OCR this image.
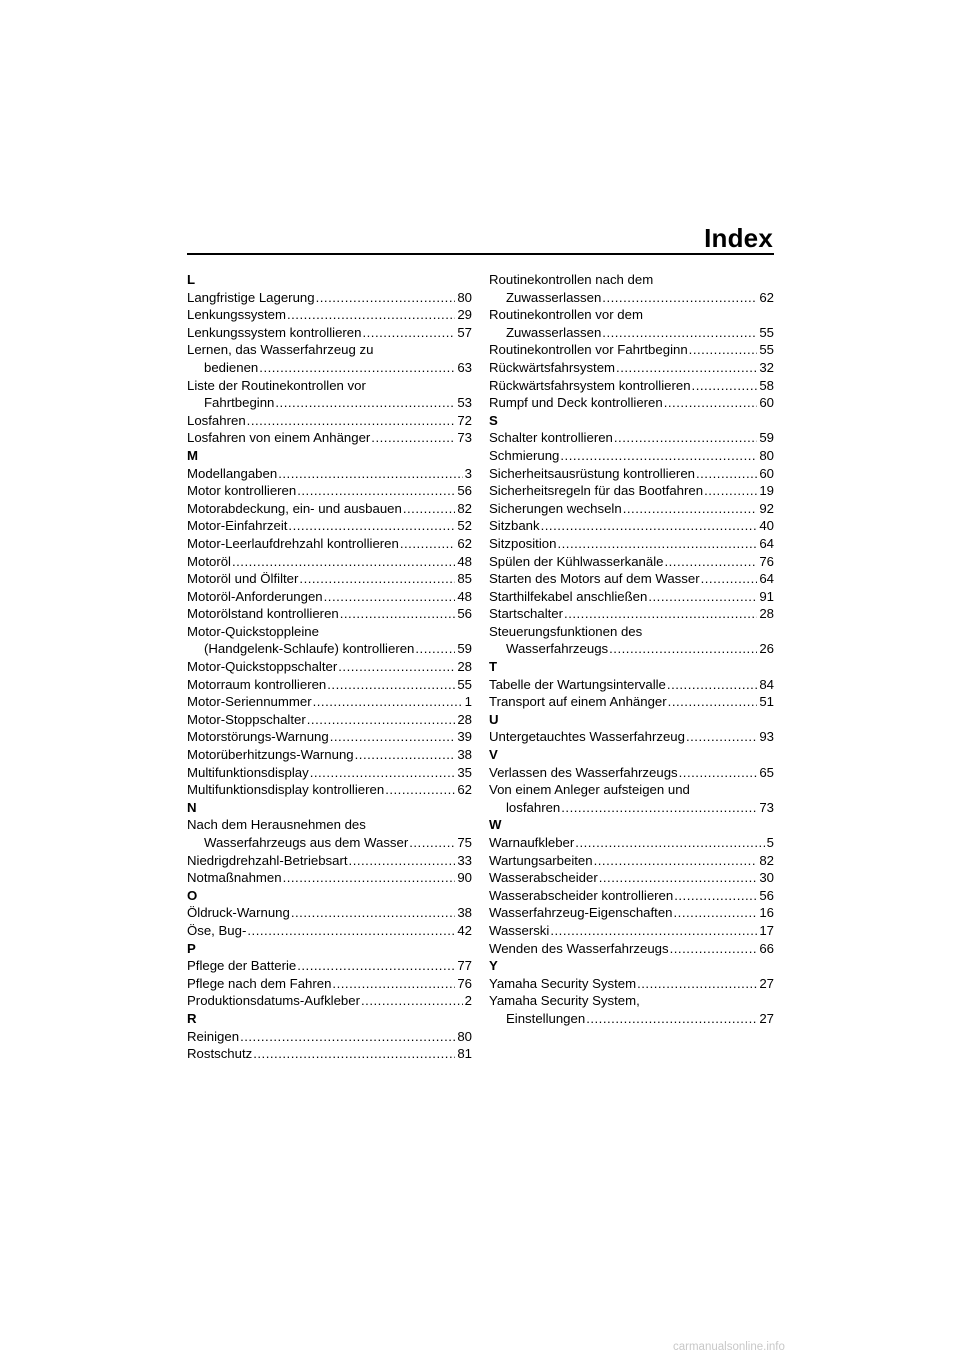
Index
L
Langfristige Lagerung .....	80
Lenkungssystem .....	29
Lenkungssystem kontrollieren .....	57
Lernen, das Wasserfahrzeug zu
bedienen .....	63
Liste der Routinekontrollen vor
Fahrtbeginn .....	53
Losfahren .....	72
Losfahren von einem Anhänger .....	73
M
Modellangaben .....	3
Motor kontrollieren .....	56
Motorabdeckung, ein- und ausbauen .....	82
Motor-Einfahrzeit .....	52
Motor-Leerlaufdrehzahl kontrollieren .....	62
Motoröl .....	48
Motoröl und Ölfilter .....	85
Motoröl-Anforderungen .....	48
Motorölstand kontrollieren .....	56
Motor-Quickstoppleine
(Handgelenk-Schlaufe) kontrollieren .....	59
Motor-Quickstoppschalter .....	28
Motorraum kontrollieren .....	55
Motor-Seriennummer .....	1
Motor-Stoppschalter .....	28
Motorstörungs-Warnung .....	39
Motorüberhitzungs-Warnung .....	38
Multifunktionsdisplay .....	35
Multifunktionsdisplay kontrollieren .....	62
N
Nach dem Herausnehmen des
Wasserfahrzeugs aus dem Wasser .....	75
Niedrigdrehzahl-Betriebsart .....	33
Notmaßnahmen .....	90
O
Öldruck-Warnung .....	38
Öse, Bug- .....	42
P
Pflege der Batterie .....	77
Pflege nach dem Fahren .....	76
Produktionsdatums-Aufkleber .....	2
R
Reinigen .....	80
Rostschutz .....	81
Routinekontrollen nach dem
Zuwasserlassen .....	62
Routinekontrollen vor dem
Zuwasserlassen .....	55
Routinekontrollen vor Fahrtbeginn .....	55
Rückwärtsfahrsystem .....	32
Rückwärtsfahrsystem kontrollieren .....	58
Rumpf und Deck kontrollieren .....	60
S
Schalter kontrollieren .....	59
Schmierung .....	80
Sicherheitsausrüstung kontrollieren .....	60
Sicherheitsregeln für das Bootfahren .....	19
Sicherungen wechseln .....	92
Sitzbank .....	40
Sitzposition .....	64
Spülen der Kühlwasserkanäle .....	76
Starten des Motors auf dem Wasser .....	64
Starthilfekabel anschließen .....	91
Startschalter .....	28
Steuerungsfunktionen des
Wasserfahrzeugs .....	26
T
Tabelle der Wartungsintervalle .....	84
Transport auf einem Anhänger .....	51
U
Untergetauchtes Wasserfahrzeug .....	93
V
Verlassen des Wasserfahrzeugs .....	65
Von einem Anleger aufsteigen und
losfahren .....	73
W
Warnaufkleber .....	5
Wartungsarbeiten .....	82
Wasserabscheider .....	30
Wasserabscheider kontrollieren .....	56
Wasserfahrzeug-Eigenschaften .....	16
Wasserski .....	17
Wenden des Wasserfahrzeugs .....	66
Y
Yamaha Security System .....	27
Yamaha Security System,
Einstellungen .....	27
carmanualsonline.info
